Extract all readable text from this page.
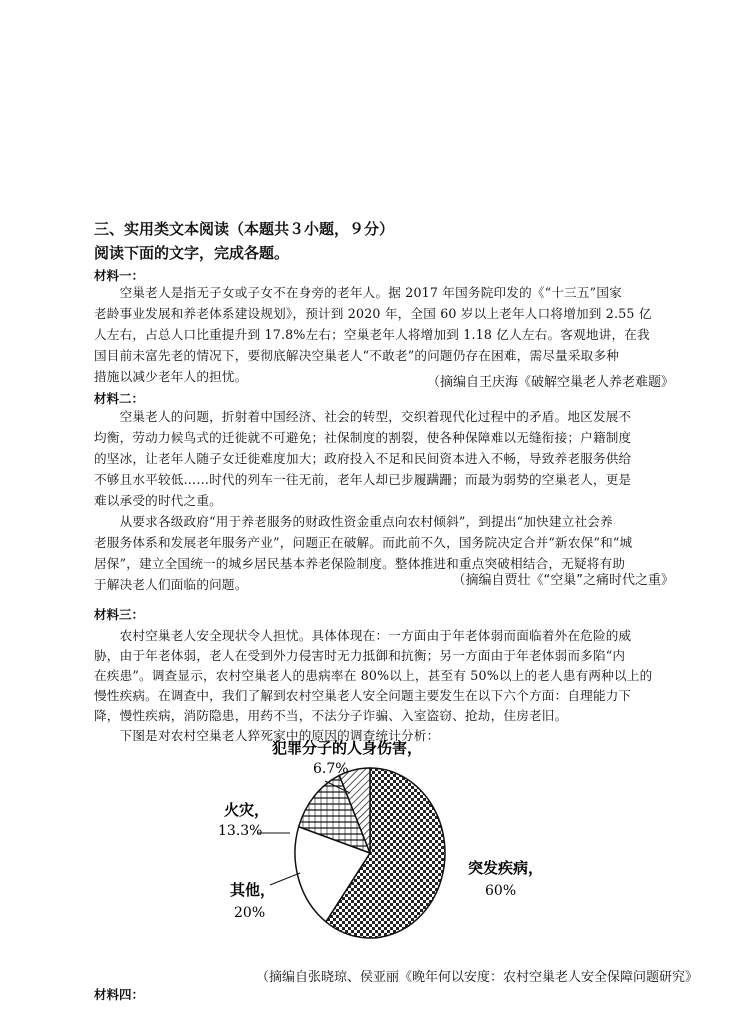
三、实用类文本阅读（本题共３小题，９分）
阅读下面的文字，完成各题。
材料一：
　　空巢老人是指无子女或子女不在身旁的老年人。据 2017 年国务院印发的《“十三五”国家
老龄事业发展和养老体系建设规划》，预计到 2020 年，全国 60 岁以上老年人口将增加到 2.55 亿
人左右，占总人口比重提升到 17.8%左右；空巢老年人将增加到 1.18 亿人左右。客观地讲，在我
国目前未富先老的情况下，要彻底解决空巢老人“不敢老”的问题仍存在困难，需尽量采取多种
措施以减少老年人的担忧。	（摘编自王庆海《破解空巢老人养老难题》
材料二：
　　空巢老人的问题，折射着中国经济、社会的转型，交织着现代化过程中的矛盾。地区发展不
均衡，劳动力候鸟式的迁徙就不可避免；社保制度的割裂，使各种保障难以无缝衔接；户籍制度
的坚冰，让老年人随子女迁徙难度加大；政府投入不足和民间资本进入不畅，导致养老服务供给
不够且水平较低……时代的列车一往无前，老年人却已步履蹒跚；而最为弱势的空巢老人，更是
难以承受的时代之重。
　　从要求各级政府“用于养老服务的财政性资金重点向农村倾斜”，到提出“加快建立社会养
老服务体系和发展老年服务产业”，问题正在破解。而此前不久，国务院决定合并“新农保”和“城
居保”，建立全国统一的城乡居民基本养老保险制度。整体推进和重点突破相结合，无疑将有助
于解决老人们面临的问题。	（摘编自贾壮《“空巢”之痛时代之重》
材料三：
　　农村空巢老人安全现状令人担忧。具体体现在：一方面由于年老体弱而面临着外在危险的威
胁，由于年老体弱，老人在受到外力侵害时无力抵御和抗衡；另一方面由于年老体弱而多陷“内
在疾患”。调查显示，农村空巢老人的患病率在 80%以上，甚至有 50%以上的老人患有两种以上的
慢性疾病。在调查中，我们了解到农村空巢老人安全问题主要发生在以下六个方面：自理能力下
降，慢性疾病，消防隐患，用药不当，不法分子诈骗、入室盗窃、抢劫，住房老旧。
　　下图是对农村空巢老人猝死家中的原因的调查统计分析：
犯罪分子的人身伤害，
6.7%
火灾，
13.3%
其他，
20%
突发疾病，
60%
（摘编自张晓琼、侯亚丽《晚年何以安度：农村空巢老人安全保障问题研究》
材料四：
